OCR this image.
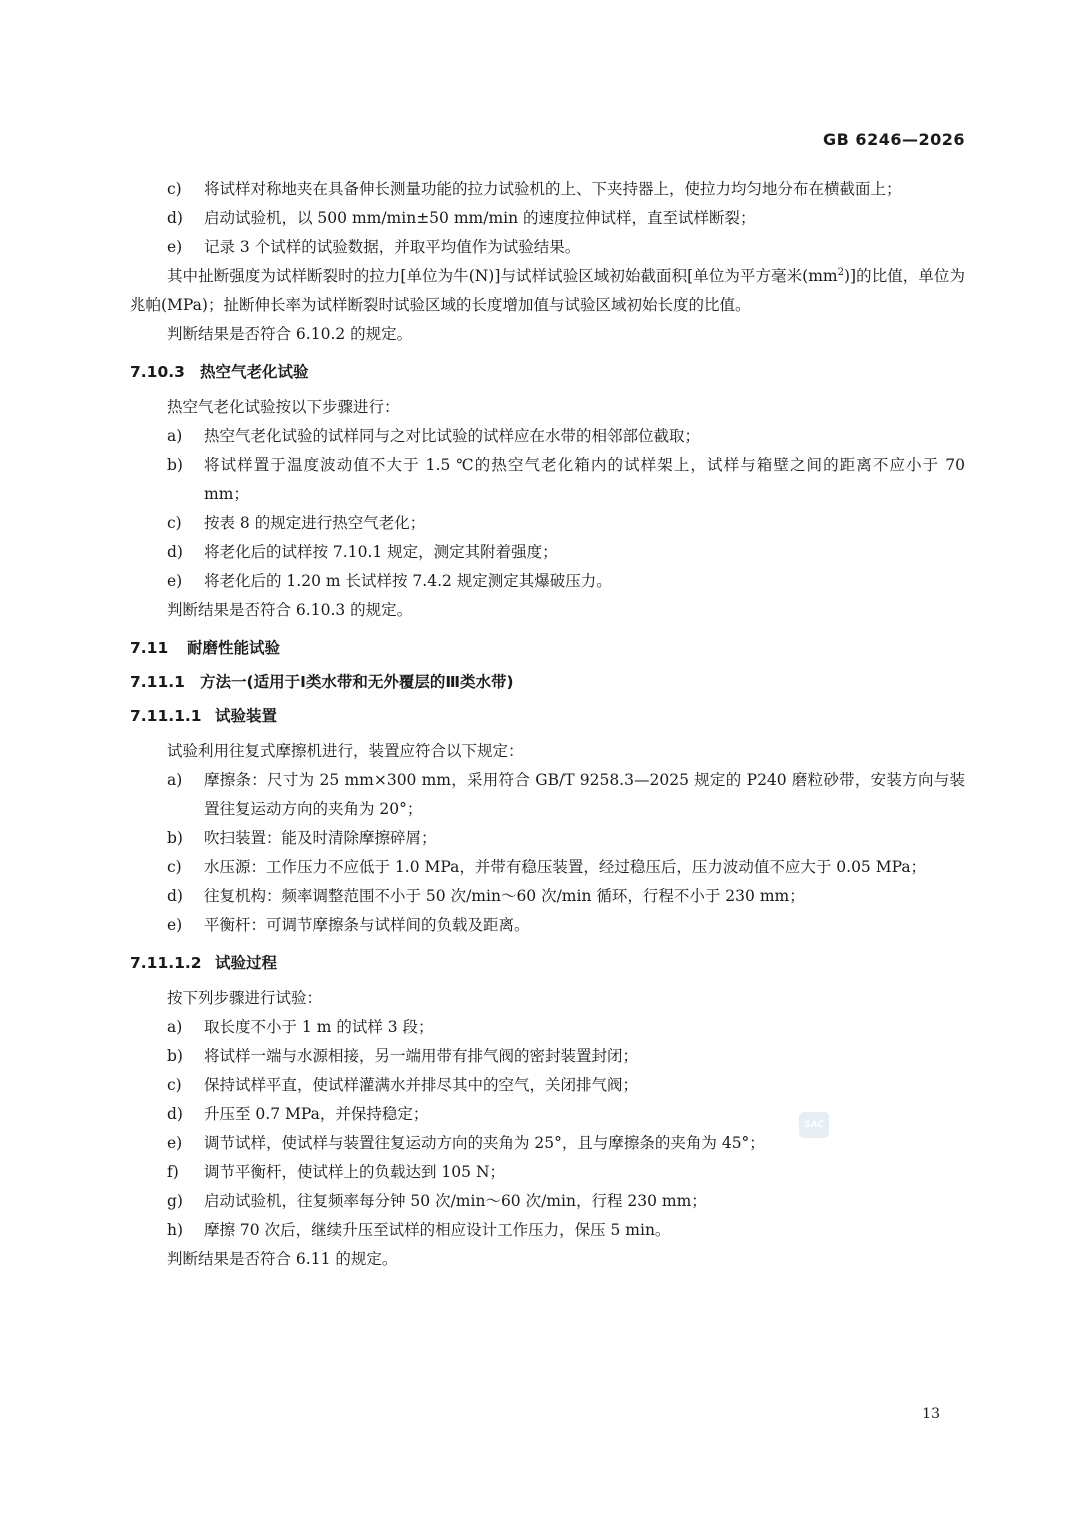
GB 6246—2026
c)	将试样对称地夹在具备伸长测量功能的拉力试验机的上、下夹持器上，使拉力均匀地分布在横截面上；
d)	启动试验机，以 500 mm/min±50 mm/min 的速度拉伸试样，直至试样断裂；
e)	记录 3 个试样的试验数据，并取平均值作为试验结果。

其中扯断强度为试样断裂时的拉力[单位为牛(N)]与试样试验区域初始截面积[单位为平方毫米$(mm^2)$]的比值，单位为兆帕(MPa)；扯断伸长率为试样断裂时试验区域的长度增加值与试验区域初始长度的比值。

判断结果是否符合 6.10.2 的规定。

7.10.3 热空气老化试验

热空气老化试验按以下步骤进行：

a)	热空气老化试验的试样同与之对比试验的试样应在水带的相邻部位截取；
b)	将试样置于温度波动值不大于 1.5 ℃的热空气老化箱内的试样架上，试样与箱壁之间的距离不应小于 70 mm；
c)	按表 8 的规定进行热空气老化；
d)	将老化后的试样按 7.10.1 规定，测定其附着强度；
e)	将老化后的 1.20 m 长试样按 7.4.2 规定测定其爆破压力。

判断结果是否符合 6.10.3 的规定。

7.11	耐磨性能试验
7.11.1 方法一(适用于Ⅰ类水带和无外覆层的Ⅲ类水带)
7.11.1.1 试验装置

试验利用往复式摩擦机进行，装置应符合以下规定：

a)	摩擦条：尺寸为 25 mm×300 mm，采用符合 GB/T 9258.3—2025 规定的 P240 磨粒砂带，安装方向与装置往复运动方向的夹角为 20°；
b)	吹扫装置：能及时清除摩擦碎屑；
c)	水压源：工作压力不应低于 1.0 MPa，并带有稳压装置，经过稳压后，压力波动值不应大于 0.05 MPa；
d)	往复机构：频率调整范围不小于 50 次/min～60 次/min 循环，行程不小于 230 mm；
e)	平衡杆：可调节摩擦条与试样间的负载及距离。
7.11.1.2 试验过程

按下列步骤进行试验：

a)	取长度不小于 1 m 的试样 3 段；
b)	将试样一端与水源相接，另一端用带有排气阀的密封装置封闭；
c)	保持试样平直，使试样灌满水并排尽其中的空气，关闭排气阀；
d)	升压至 0.7 MPa，并保持稳定；
e)	调节试样，使试样与装置往复运动方向的夹角为 25°，且与摩擦条的夹角为 45°；
f)	调节平衡杆，使试样上的负载达到 105 N；
g)	启动试验机，往复频率每分钟 50 次/min～60 次/min，行程 230 mm；
h)	摩擦 70 次后，继续升压至试样的相应设计工作压力，保压 5 min。

判断结果是否符合 6.11 的规定。

SAC
13
